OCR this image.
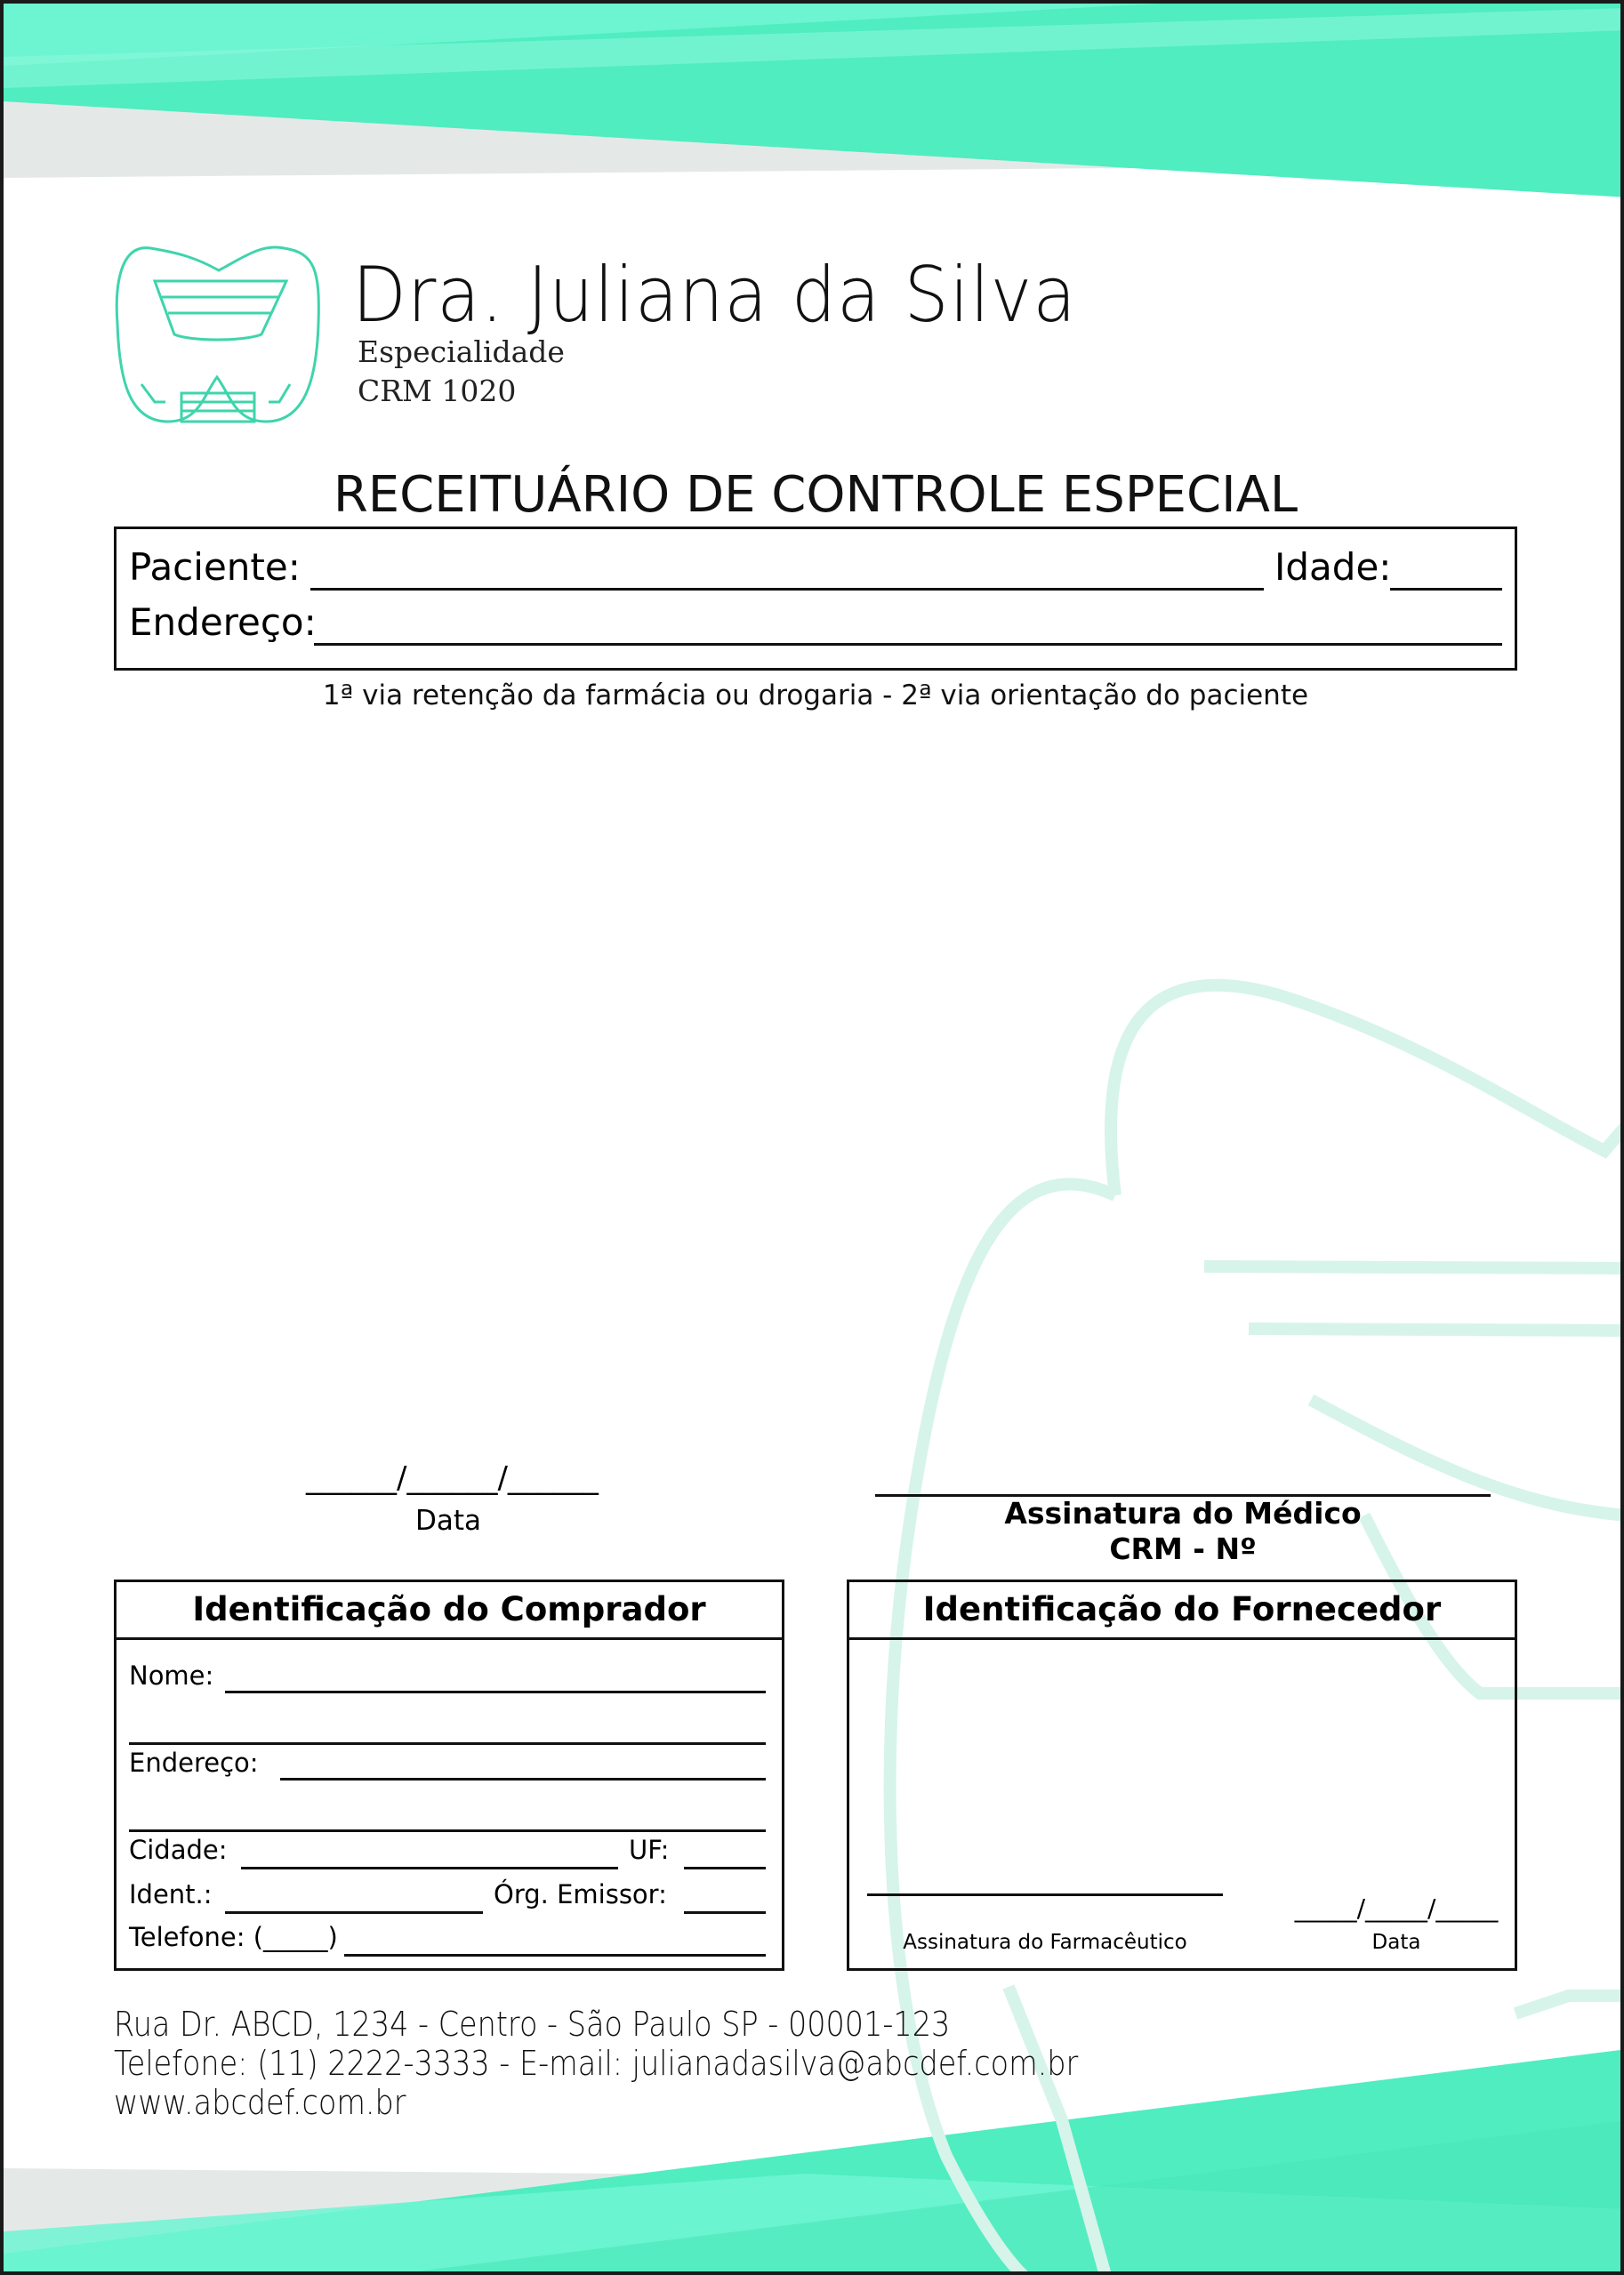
Dra. Juliana da Silva
Especialidade
CRM 1020
RECEITUÁRIO DE CONTROLE ESPECIAL
Paciente:	Idade:
Endereço:
1ª via retenção da farmácia ou drogaria - 2ª via orientação do paciente
______/______/______
Data	Assinatura do Médico
CRM - Nº
Identificação do Comprador
Nome:
Endereço:
Cidade:	UF:
Ident.:	Órg. Emissor:
Telefone: (_____)
Identificação do Fornecedor
Assinatura do Farmacêutico
_____/_____/_____
Data
Rua Dr. ABCD, 1234 - Centro - São Paulo SP - 00001-123
Telefone: (11) 2222-3333 - E-mail: julianadasilva@abcdef.com.br
www.abcdef.com.br
